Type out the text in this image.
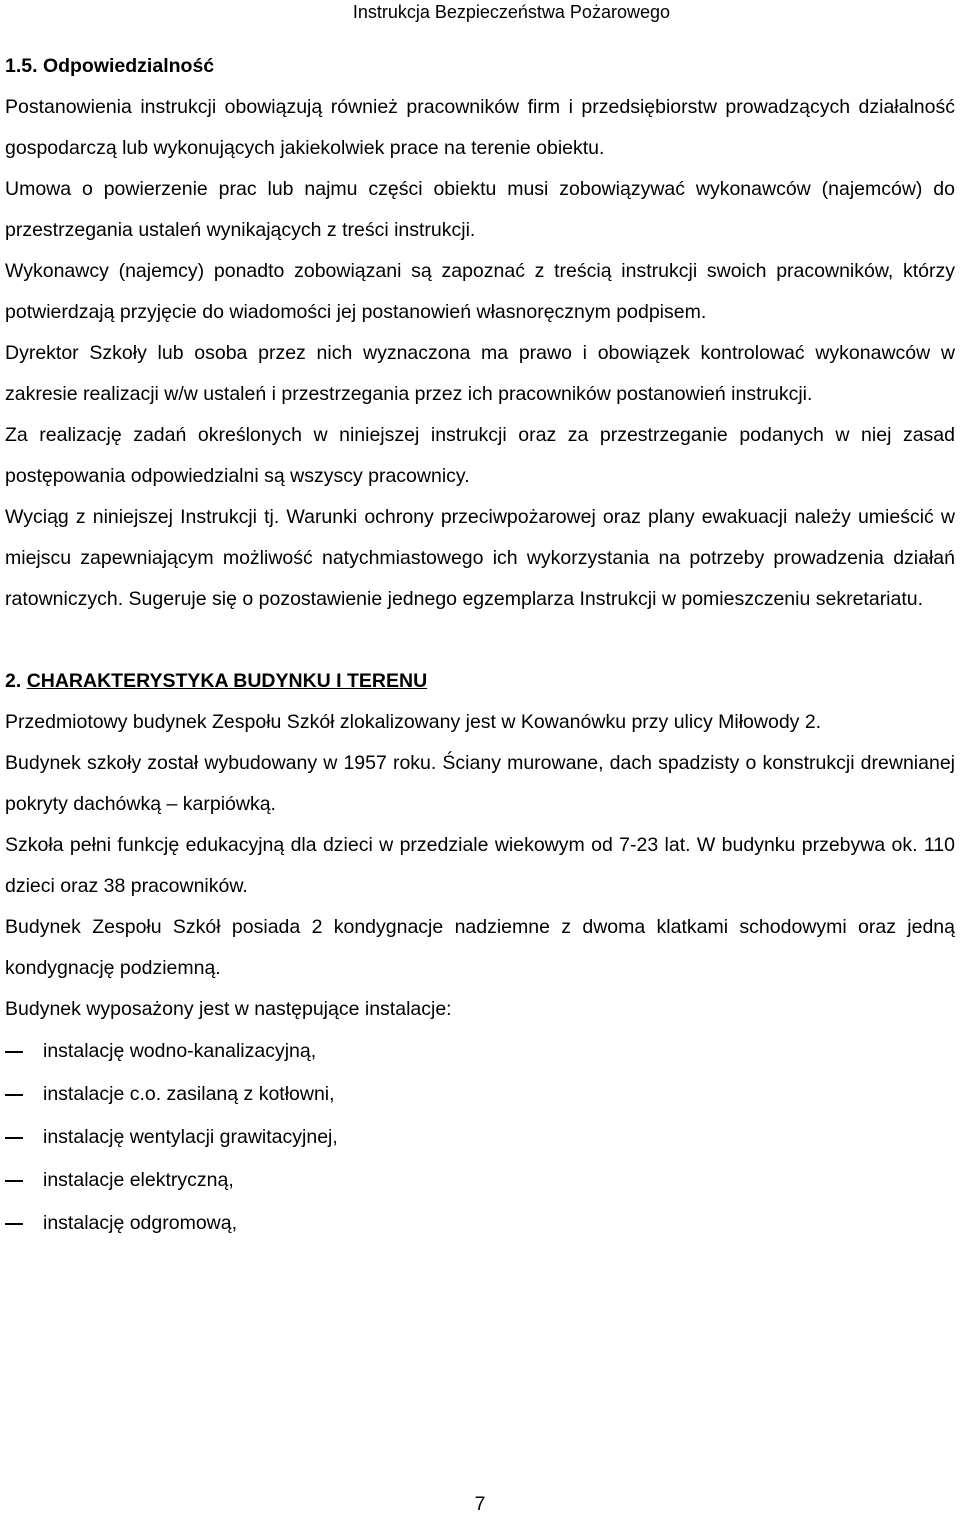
Instrukcja Bezpieczeństwa Pożarowego

1.5. Odpowiedzialność

Postanowienia instrukcji obowiązują również pracowników firm i przedsiębiorstw prowadzących działalność gospodarczą lub wykonujących jakiekolwiek prace na terenie obiektu.

Umowa o powierzenie prac lub najmu części obiektu musi zobowiązywać wykonawców (najemców) do przestrzegania ustaleń wynikających z treści instrukcji.

Wykonawcy (najemcy) ponadto zobowiązani są zapoznać z treścią instrukcji swoich pracowników, którzy potwierdzają przyjęcie do wiadomości jej postanowień własnoręcznym podpisem.

Dyrektor Szkoły lub osoba przez nich wyznaczona ma prawo i obowiązek kontrolować wykonawców w zakresie realizacji w/w ustaleń i przestrzegania przez ich pracowników postanowień instrukcji.

Za realizację zadań określonych w niniejszej instrukcji oraz za przestrzeganie podanych w niej zasad postępowania odpowiedzialni są wszyscy pracownicy.

Wyciąg z niniejszej Instrukcji tj. Warunki ochrony przeciwpożarowej oraz plany ewakuacji należy umieścić w miejscu zapewniającym możliwość natychmiastowego ich wykorzystania na potrzeby prowadzenia działań ratowniczych. Sugeruje się o pozostawienie jednego egzemplarza Instrukcji w pomieszczeniu sekretariatu.

2. CHARAKTERYSTYKA BUDYNKU I TERENU

Przedmiotowy budynek Zespołu Szkół zlokalizowany jest w Kowanówku przy ulicy Miłowody 2.

Budynek szkoły został wybudowany w 1957 roku. Ściany murowane, dach spadzisty o konstrukcji drewnianej pokryty dachówką – karpiówką.

Szkoła pełni funkcję edukacyjną dla dzieci w przedziale wiekowym od 7-23 lat. W budynku przebywa ok. 110 dzieci oraz 38 pracowników.

Budynek Zespołu Szkół posiada 2 kondygnacje nadziemne z dwoma klatkami schodowymi oraz jedną kondygnację podziemną.

Budynek wyposażony jest w następujące instalacje:

instalację wodno-kanalizacyjną,
instalacje c.o. zasilaną z kotłowni,
instalację wentylacji grawitacyjnej,
instalacje elektryczną,
instalację odgromową,
7
